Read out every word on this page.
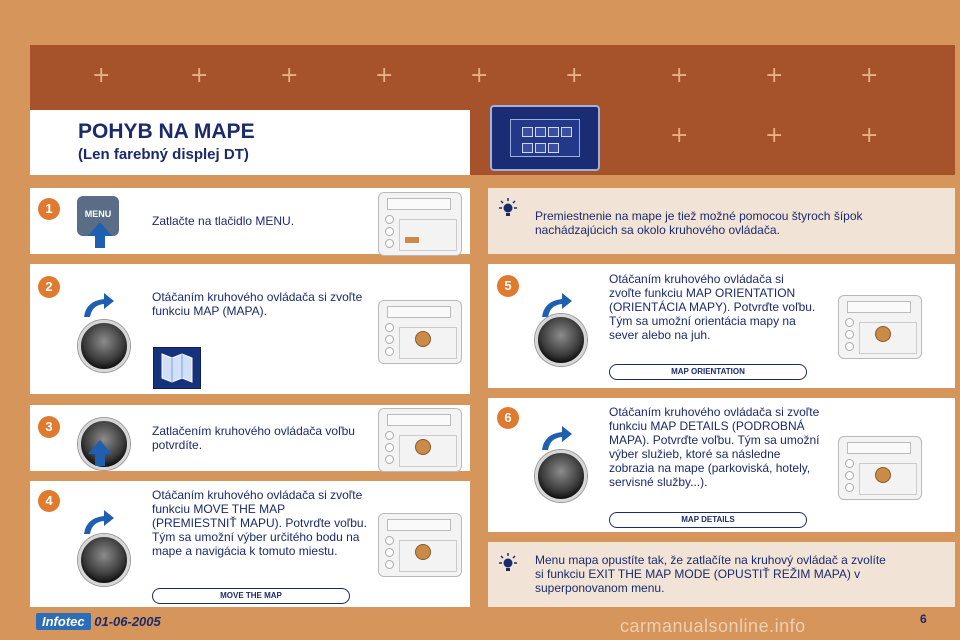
+	+	+	+	+	+	+	+	+
+	+	+
POHYB NA MAPE
(Len farebný displej DT)
1	MENU	Zatlačte na tlačidlo MENU.
2
Otáčaním kruhového ovládača si zvoľte funkciu MAP (MAPA).
3	Zatlačením kruhového ovládača voľbu potvrdíte.
4	Otáčaním kruhového ovládača si zvoľte funkciu MOVE THE MAP (PREMIESTNIŤ MAPU). Potvrďte voľbu. Tým sa umožní výber určitého bodu na mape a navigácia k tomuto miestu.
MOVE THE MAP
Premiestnenie na mape je tiež možné pomocou štyroch šípok nachádzajúcich sa okolo kruhového ovládača.
5	Otáčaním kruhového ovládača si zvoľte funkciu MAP ORIENTATION (ORIENTÁCIA MAPY). Potvrďte voľbu. Tým sa umožní orientácia mapy na sever alebo na juh.
MAP ORIENTATION
6	Otáčaním kruhového ovládača si zvoľte funkciu MAP DETAILS (PODROBNÁ MAPA). Potvrďte voľbu. Tým sa umožní výber služieb, ktoré sa následne zobrazia na mape (parkoviská, hotely, servisné služby...).
MAP DETAILS
Menu mapa opustíte tak, že zatlačíte na kruhový ovládač a zvolíte si funkciu EXIT THE MAP MODE (OPUSTIŤ REŽIM MAPA) v superponovanom menu.
Infotec 01-06-2005	carmanualsonline.info	6
